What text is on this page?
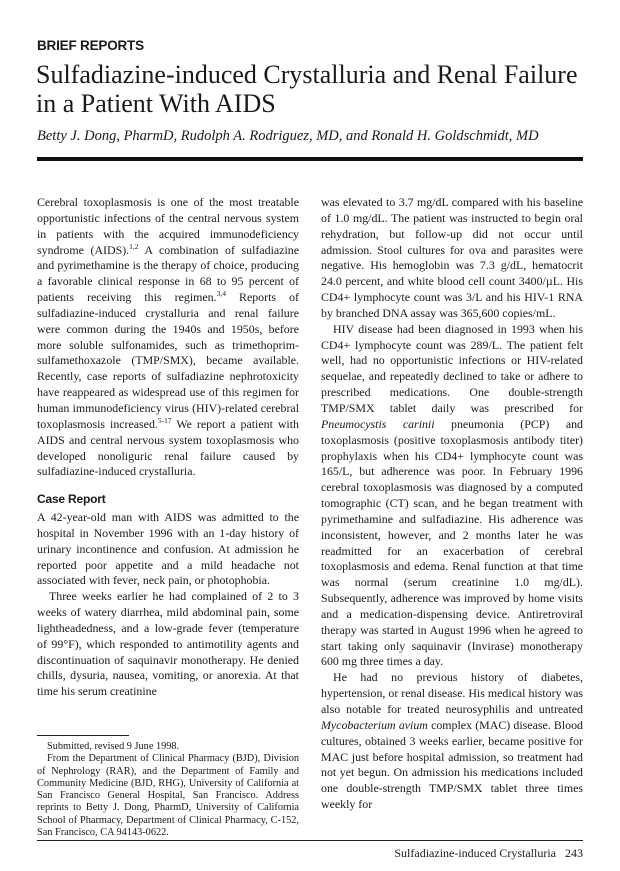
BRIEF REPORTS
Sulfadiazine-induced Crystalluria and Renal Failure in a Patient With AIDS
Betty J. Dong, PharmD, Rudolph A. Rodriguez, MD, and Ronald H. Goldschmidt, MD

Cerebral toxoplasmosis is one of the most treatable opportunistic infections of the central nervous system in patients with the acquired immunodeficiency syndrome (AIDS).$^{1,2}$ A combination of sulfadiazine and pyrimethamine is the therapy of choice, producing a favorable clinical response in 68 to 95 percent of patients receiving this regimen.$^{3,4}$ Reports of sulfadiazine-induced crystalluria and renal failure were common during the 1940s and 1950s, before more soluble sulfonamides, such as trimethoprim-sulfamethoxazole (TMP/SMX), became available. Recently, case reports of sulfadiazine nephrotoxicity have reappeared as widespread use of this regimen for human immunodeficiency virus (HIV)-related cerebral toxoplasmosis increased.$^{5-17}$ We report a patient with AIDS and central nervous system toxoplasmosis who developed nonoliguric renal failure caused by sulfadiazine-induced crystalluria.

Case Report

A 42-year-old man with AIDS was admitted to the hospital in November 1996 with an 1-day history of urinary incontinence and confusion. At admission he reported poor appetite and a mild headache not associated with fever, neck pain, or photophobia.

Three weeks earlier he had complained of 2 to 3 weeks of watery diarrhea, mild abdominal pain, some lightheadedness, and a low-grade fever (temperature of 99°F), which responded to antimotility agents and discontinuation of saquinavir monotherapy. He denied chills, dysuria, nausea, vomiting, or anorexia. At that time his serum creatinine

Submitted, revised 9 June 1998.

From the Department of Clinical Pharmacy (BJD), Division of Nephrology (RAR), and the Department of Family and Community Medicine (BJD, RHG), University of California at San Francisco General Hospital, San Francisco. Address reprints to Betty J. Dong, PharmD, University of California School of Pharmacy, Department of Clinical Pharmacy, C-152, San Francisco, CA 94143-0622.

was elevated to 3.7 mg/dL compared with his baseline of 1.0 mg/dL. The patient was instructed to begin oral rehydration, but follow-up did not occur until admission. Stool cultures for ova and parasites were negative. His hemoglobin was 7.3 g/dL, hematocrit 24.0 percent, and white blood cell count 3400/µL. His CD4+ lymphocyte count was 3/L and his HIV-1 RNA by branched DNA assay was 365,600 copies/mL.

HIV disease had been diagnosed in 1993 when his CD4+ lymphocyte count was 289/L. The patient felt well, had no opportunistic infections or HIV-related sequelae, and repeatedly declined to take or adhere to prescribed medications. One double-strength TMP/SMX tablet daily was prescribed for Pneumocystis carinii pneumonia (PCP) and toxoplasmosis (positive toxoplasmosis antibody titer) prophylaxis when his CD4+ lymphocyte count was 165/L, but adherence was poor. In February 1996 cerebral toxoplasmosis was diagnosed by a computed tomographic (CT) scan, and he began treatment with pyrimethamine and sulfadiazine. His adherence was inconsistent, however, and 2 months later he was readmitted for an exacerbation of cerebral toxoplasmosis and edema. Renal function at that time was normal (serum creatinine 1.0 mg/dL). Subsequently, adherence was improved by home visits and a medication-dispensing device. Antiretroviral therapy was started in August 1996 when he agreed to start taking only saquinavir (Invirase) monotherapy 600 mg three times a day.

He had no previous history of diabetes, hypertension, or renal disease. His medical history was also notable for treated neurosyphilis and untreated Mycobacterium avium complex (MAC) disease. Blood cultures, obtained 3 weeks earlier, became positive for MAC just before hospital admission, so treatment had not yet begun. On admission his medications included one double-strength TMP/SMX tablet three times weekly for

Sulfadiazine-induced Crystalluria 243
